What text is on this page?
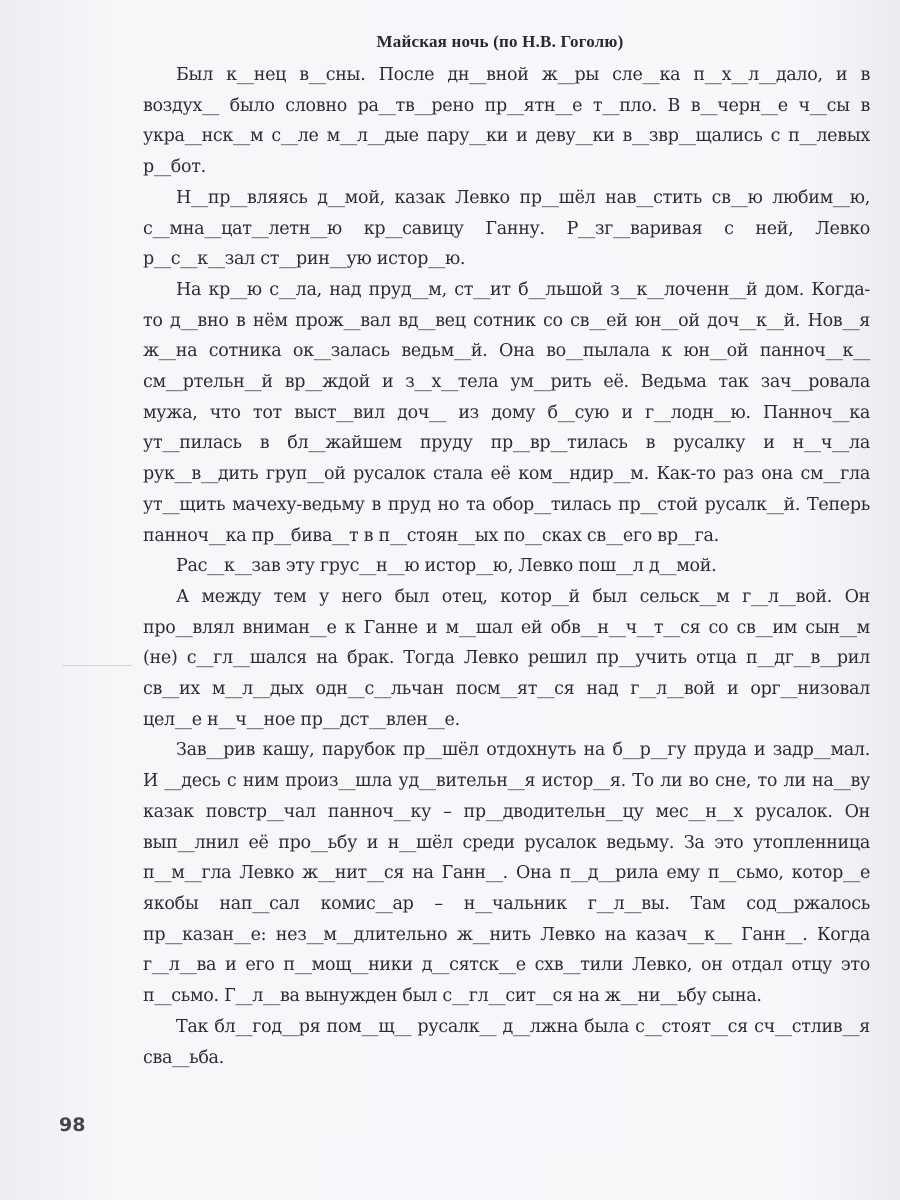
Майская ночь (по Н.В. Гоголю)

Был к__нец в__сны. После дн__вной ж__ры сле__ка п__х__л__дало, и в воздух__ было словно ра__тв__рено пр__ятн__е т__пло. В в__черн__е ч__сы в укра__нск__м с__ле м__л__дые пару__ки и деву__ки в__звр__щались с п__левых р__бот.

Н__пр__вляясь д__мой, казак Левко пр__шёл нав__стить св__ю любим__ю, с__мна__цат__летн__ю кр__савицу Ганну. Р__зг__варивая с ней, Левко р__с__к__зал ст__рин__ую истор__ю.

На кр__ю с__ла, над пруд__м, ст__ит б__льшой з__к__лоченн__й дом. Когда-то д__вно в нём прож__вал вд__вец сотник со св__ей юн__ой доч__к__й. Нов__я ж__на сотника ок__залась ведьм__й. Она во__пылала к юн__ой панноч__к__ см__ртельн__й вр__ждой и з__х__тела ум__рить её. Ведьма так зач__ровала мужа, что тот выст__вил доч__ из дому б__сую и г__лодн__ю. Панноч__ка ут__пилась в бл__жайшем пруду пр__вр__тилась в русалку и н__ч__ла рук__в__дить груп__ой русалок стала её ком__ндир__м. Как-то раз она см__гла ут__щить мачеху-ведьму в пруд но та обор__тилась пр__стой русалк__й. Теперь панноч__ка пр__бива__т в п__стоян__ых по__сках св__его вр__га.

Рас__к__зав эту грус__н__ю истор__ю, Левко пош__л д__мой.

А между тем у него был отец, котор__й был сельск__м г__л__вой. Он про__влял вниман__е к Ганне и м__шал ей обв__н__ч__т__ся со св__им сын__м (не) с__гл__шался на брак. Тогда Левко решил пр__учить отца п__дг__в__рил св__их м__л__дых одн__с__льчан посм__ят__ся над г__л__вой и орг__низовал цел__е н__ч__ное пр__дст__влен__е.

Зав__рив кашу, парубок пр__шёл отдохнуть на б__р__гу пруда и задр__мал. И __десь с ним произ__шла уд__вительн__я истор__я. То ли во сне, то ли на__ву казак повстр__чал панноч__ку – пр__дводительн__цу мес__н__х русалок. Он вып__лнил её про__ьбу и н__шёл среди русалок ведьму. За это утопленница п__м__гла Левко ж__нит__ся на Ганн__. Она п__д__рила ему п__сьмо, котор__е якобы нап__сал комис__ар – н__чальник г__л__вы. Там сод__ржалось пр__казан__е: нез__м__длительно ж__нить Левко на казач__к__ Ганн__. Когда г__л__ва и его п__мощ__ники д__сятск__е схв__тили Левко, он отдал отцу это п__сьмо. Г__л__ва вынужден был с__гл__сит__ся на ж__ни__ьбу сына.

Так бл__год__ря пом__щ__ русалк__ д__лжна была с__стоят__ся сч__стлив__я сва__ьба.

98
